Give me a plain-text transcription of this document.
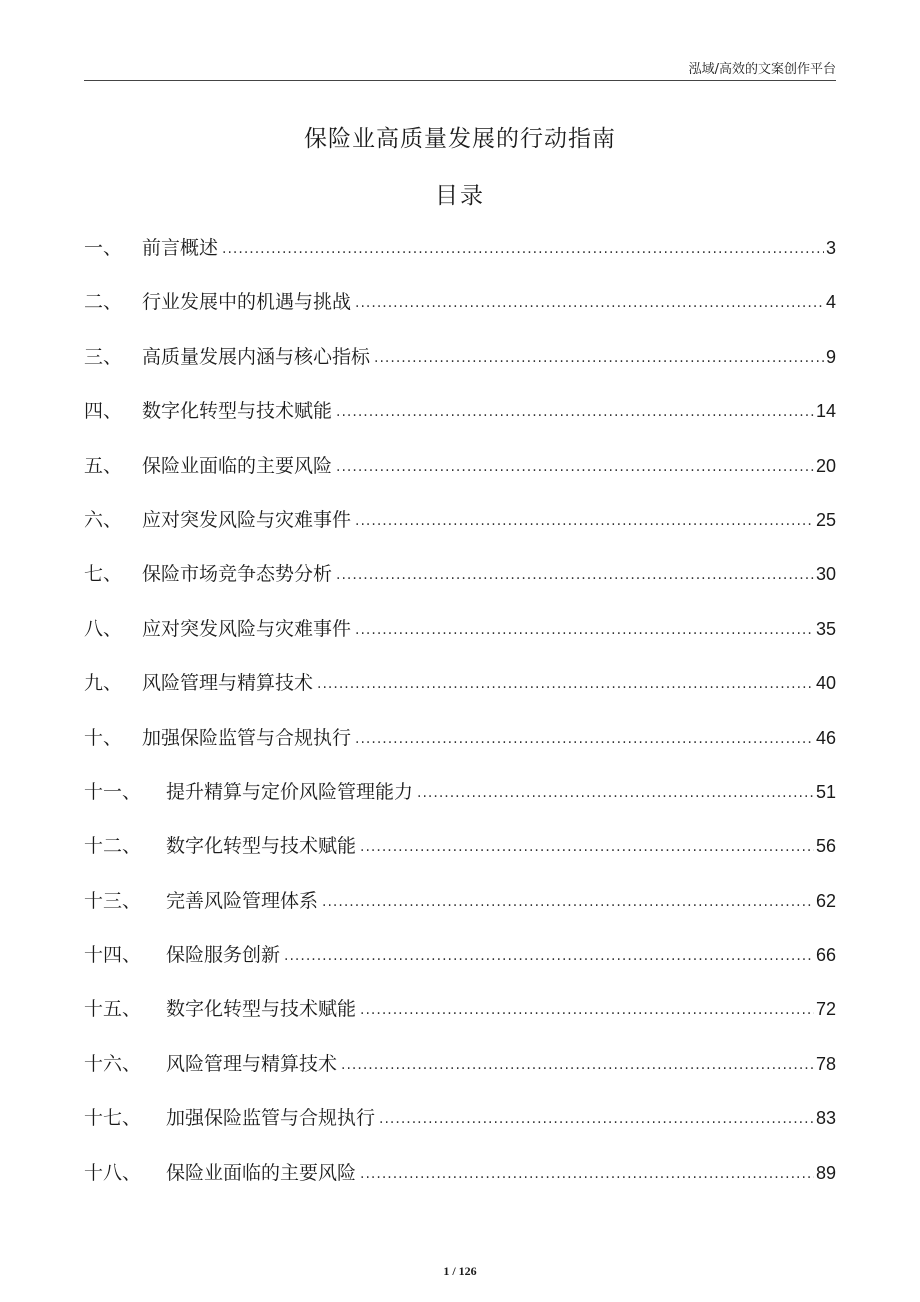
泓域/高效的文案创作平台
保险业高质量发展的行动指南
目录
一、	前言概述 .....	3
二、	行业发展中的机遇与挑战 .....	4
三、	高质量发展内涵与核心指标 .....	9
四、	数字化转型与技术赋能 .....	14
五、	保险业面临的主要风险 .....	20
六、	应对突发风险与灾难事件 .....	25
七、	保险市场竞争态势分析 .....	30
八、	应对突发风险与灾难事件 .....	35
九、	风险管理与精算技术 .....	40
十、	加强保险监管与合规执行 .....	46
十一、	提升精算与定价风险管理能力 .....	51
十二、	数字化转型与技术赋能 .....	56
十三、	完善风险管理体系 .....	62
十四、	保险服务创新 .....	66
十五、	数字化转型与技术赋能 .....	72
十六、	风险管理与精算技术 .....	78
十七、	加强保险监管与合规执行 .....	83
十八、	保险业面临的主要风险 .....	89
1 / 126
